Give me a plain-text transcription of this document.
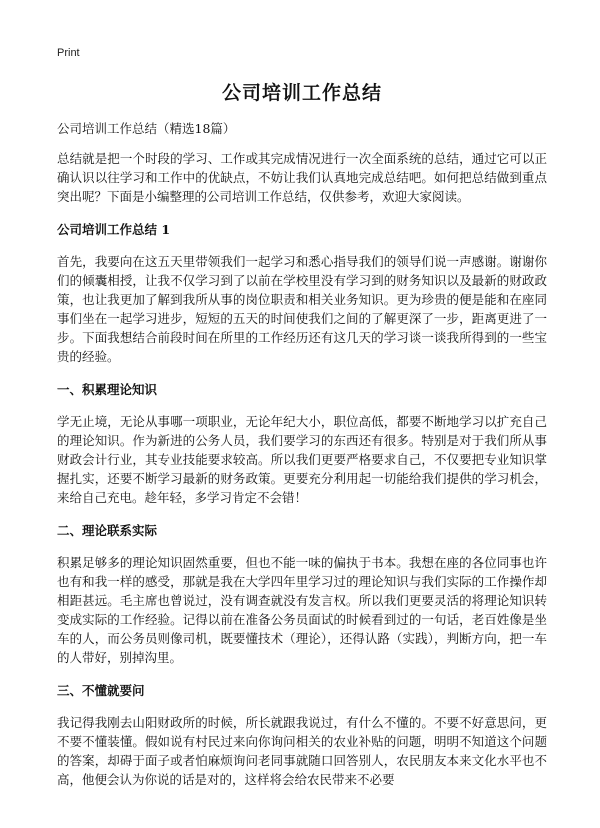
Print
公司培训工作总结

公司培训工作总结（精选18篇）

总结就是把一个时段的学习、工作或其完成情况进行一次全面系统的总结，通过它可以正确认识以往学习和工作中的优缺点，不妨让我们认真地完成总结吧。如何把总结做到重点突出呢？下面是小编整理的公司培训工作总结，仅供参考，欢迎大家阅读。

公司培训工作总结 1

首先，我要向在这五天里带领我们一起学习和悉心指导我们的领导们说一声感谢。谢谢你们的倾囊相授，让我不仅学习到了以前在学校里没有学习到的财务知识以及最新的财政政策，也让我更加了解到我所从事的岗位职责和相关业务知识。更为珍贵的便是能和在座同事们坐在一起学习进步，短短的五天的时间使我们之间的了解更深了一步，距离更进了一步。下面我想结合前段时间在所里的工作经历还有这几天的学习谈一谈我所得到的一些宝贵的经验。

一、积累理论知识

学无止境，无论从事哪一项职业，无论年纪大小，职位高低，都要不断地学习以扩充自己的理论知识。作为新进的公务人员，我们要学习的东西还有很多。特别是对于我们所从事财政会计行业，其专业技能要求较高。所以我们更要严格要求自己，不仅要把专业知识掌握扎实，还要不断学习最新的财务政策。更要充分利用起一切能给我们提供的学习机会，来给自己充电。趁年轻，多学习肯定不会错！

二、理论联系实际

积累足够多的理论知识固然重要，但也不能一味的偏执于书本。我想在座的各位同事也许也有和我一样的感受，那就是我在大学四年里学习过的理论知识与我们实际的工作操作却相距甚远。毛主席也曾说过，没有调查就没有发言权。所以我们更要灵活的将理论知识转变成实际的工作经验。记得以前在准备公务员面试的时候看到过的一句话，老百姓像是坐车的人，而公务员则像司机，既要懂技术（理论），还得认路（实践），判断方向，把一车的人带好，别掉沟里。

三、不懂就要问

我记得我刚去山阳财政所的时候，所长就跟我说过，有什么不懂的。不要不好意思问，更不要不懂装懂。假如说有村民过来向你询问相关的农业补贴的问题，明明不知道这个问题的答案，却碍于面子或者怕麻烦询问老同事就随口回答别人，农民朋友本来文化水平也不高，他便会认为你说的话是对的，这样将会给农民带来不必要
